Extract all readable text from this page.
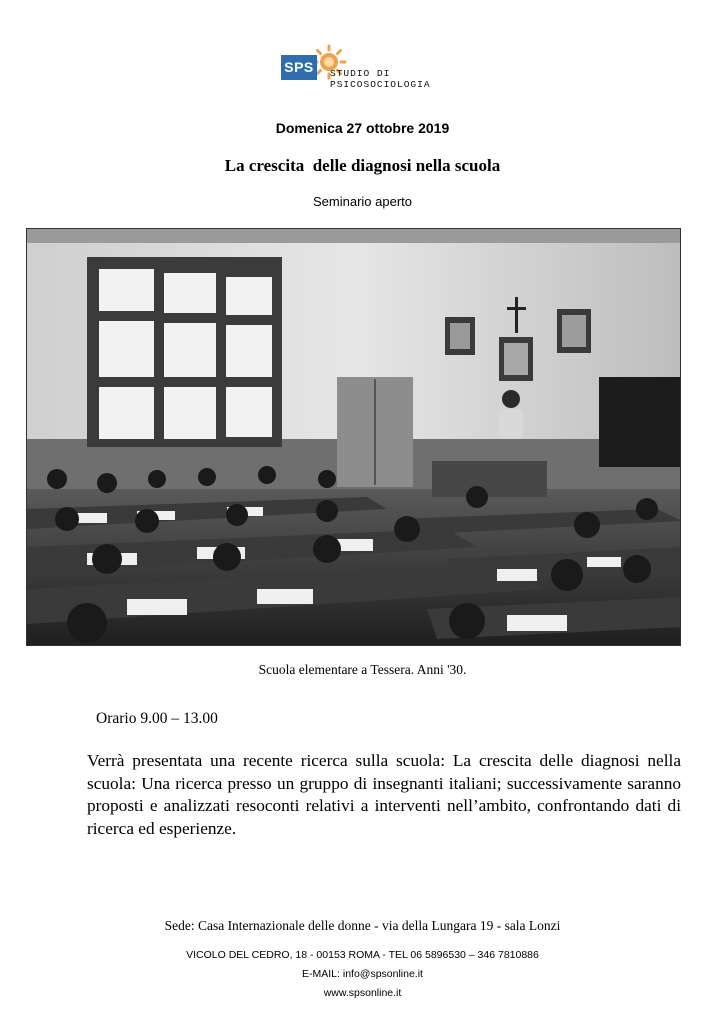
SPS	STUDIO DI
PSICOSOCIOLOGIA
Domenica 27 ottobre 2019
La crescita  delle diagnosi nella scuola
Seminario aperto
Scuola elementare a Tessera. Anni '30.
Orario 9.00 – 13.00
Verrà presentata una recente ricerca sulla scuola: La crescita delle diagnosi nella scuola: Una ricerca presso un gruppo di insegnanti italiani; successivamente saranno proposti e analizzati resoconti relativi a interventi nell’ambito, confrontando dati di ricerca ed esperienze.
Sede: Casa Internazionale delle donne - via della Lungara 19 - sala Lonzi
VICOLO DEL CEDRO, 18 - 00153 ROMA - TEL 06 5896530 – 346 7810886
E-MAIL: info@spsonline.it
www.spsonline.it
